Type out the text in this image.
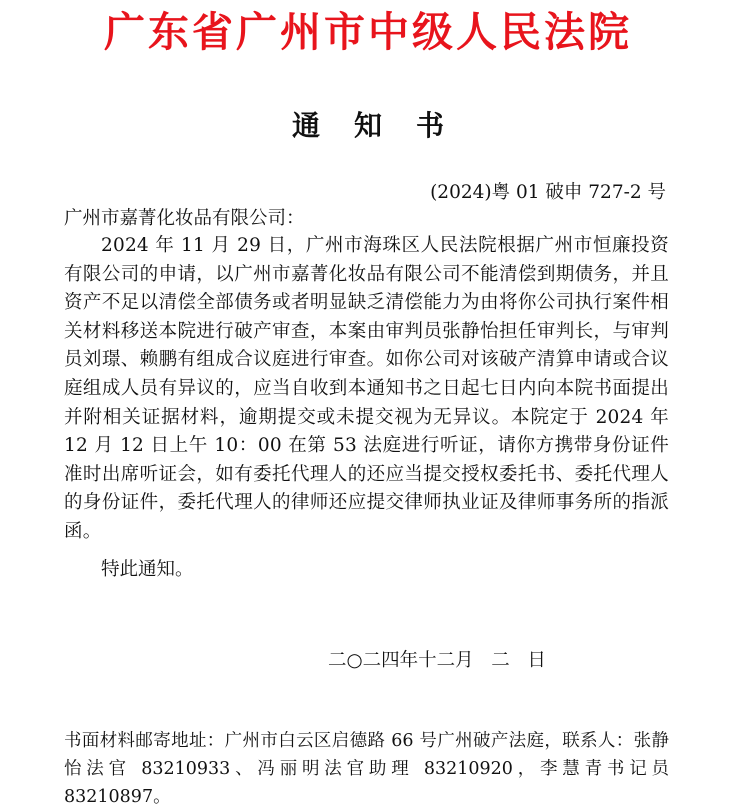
广东省广州市中级人民法院
通 知 书
(2024)粤 01 破申 727-2 号
广州市嘉菁化妆品有限公司：

2024 年 11 月 29 日，广州市海珠区人民法院根据广州市恒廉投资有限公司的申请，以广州市嘉菁化妆品有限公司不能清偿到期债务，并且资产不足以清偿全部债务或者明显缺乏清偿能力为由将你公司执行案件相关材料移送本院进行破产审查，本案由审判员张静怡担任审判长，与审判员刘璟、赖鹏有组成合议庭进行审查。如你公司对该破产清算申请或合议庭组成人员有异议的，应当自收到本通知书之日起七日内向本院书面提出并附相关证据材料，逾期提交或未提交视为无异议。本院定于 2024 年 12 月 12 日上午 10：00 在第 53 法庭进行听证，请你方携带身份证件准时出席听证会，如有委托代理人的还应当提交授权委托书、委托代理人的身份证件，委托代理人的律师还应提交律师执业证及律师事务所的指派函。

特此通知。
二○二四年十二月   二   日

书面材料邮寄地址：广州市白云区启德路 66 号广州破产法庭，联系人：张静怡法官 83210933、冯丽明法官助理 83210920，李慧青书记员 83210897。
